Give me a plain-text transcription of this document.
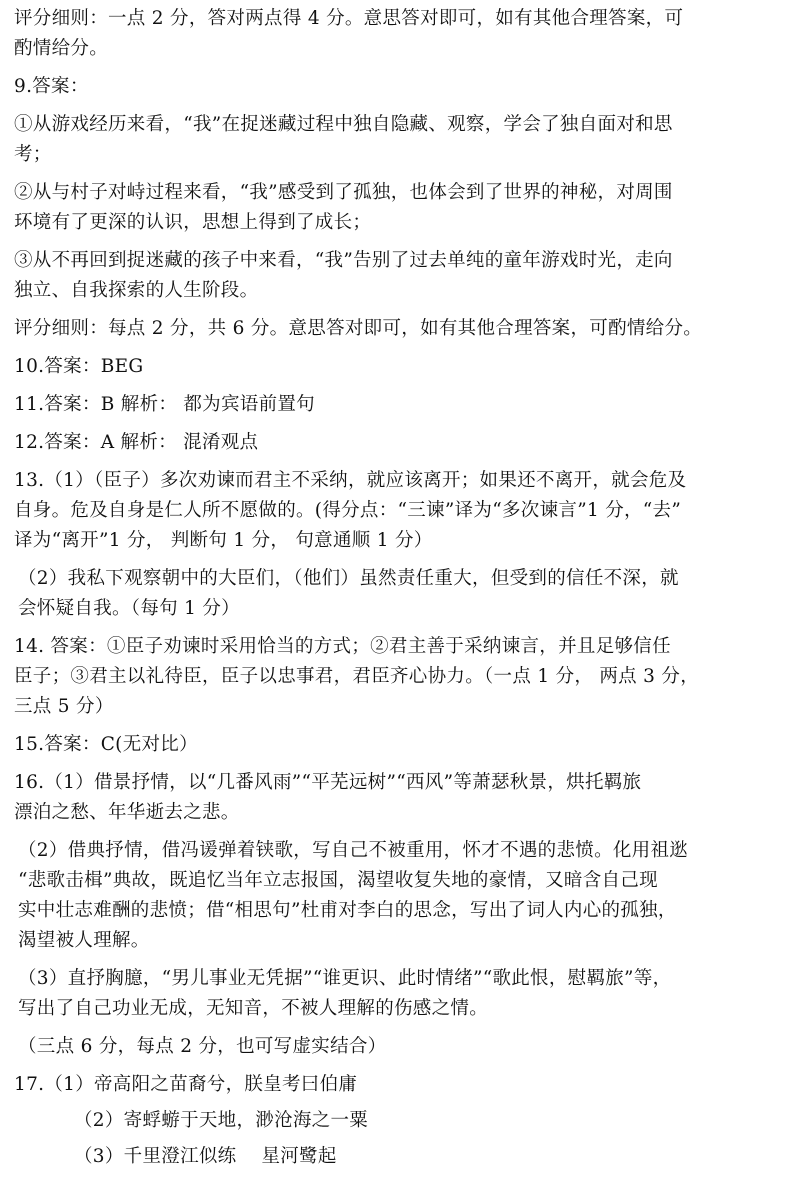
评分细则：一点 2 分，答对两点得 4 分。意思答对即可，如有其他合理答案，可
酌情给分。
9.答案：
①从游戏经历来看，“我”在捉迷藏过程中独自隐藏、观察，学会了独自面对和思
考；
②从与村子对峙过程来看，“我”感受到了孤独，也体会到了世界的神秘，对周围
环境有了更深的认识，思想上得到了成长；
③从不再回到捉迷藏的孩子中来看，“我”告别了过去单纯的童年游戏时光，走向
独立、自我探索的人生阶段。
评分细则：每点 2 分，共 6 分。意思答对即可，如有其他合理答案，可酌情给分。
10.答案：BEG
11.答案：B 解析： 都为宾语前置句
12.答案：A 解析： 混淆观点
13.（1）（臣子）多次劝谏而君主不采纳，就应该离开；如果还不离开，就会危及
自身。危及自身是仁人所不愿做的。(得分点：“三谏”译为“多次谏言”1 分，“去”
译为“离开”1 分， 判断句 1 分， 句意通顺 1 分）
（2）我私下观察朝中的大臣们，（他们）虽然责任重大，但受到的信任不深，就
会怀疑自我。（每句 1 分）
14. 答案：①臣子劝谏时采用恰当的方式；②君主善于采纳谏言，并且足够信任
臣子；③君主以礼待臣，臣子以忠事君，君臣齐心协力。（一点 1 分， 两点 3 分，
三点 5 分）
15.答案：C(无对比）
16.（1）借景抒情，以“几番风雨”“平芜远树”“西风”等萧瑟秋景，烘托羁旅
漂泊之愁、年华逝去之悲。
（2）借典抒情，借冯谖弹着铗歌，写自己不被重用，怀才不遇的悲愤。化用祖逖
“悲歌击楫”典故，既追忆当年立志报国，渴望收复失地的豪情，又暗含自己现
实中壮志难酬的悲愤；借“相思句”杜甫对李白的思念，写出了词人内心的孤独，
渴望被人理解。
（3）直抒胸臆，“男儿事业无凭据”“谁更识、此时情绪”“歌此恨，慰羁旅”等，
写出了自己功业无成，无知音，不被人理解的伤感之情。
（三点 6 分，每点 2 分，也可写虚实结合）
17.（1）帝高阳之苗裔兮，朕皇考曰伯庸
（2）寄蜉蝣于天地，渺沧海之一粟
（3）千里澄江似练　 星河鹭起
